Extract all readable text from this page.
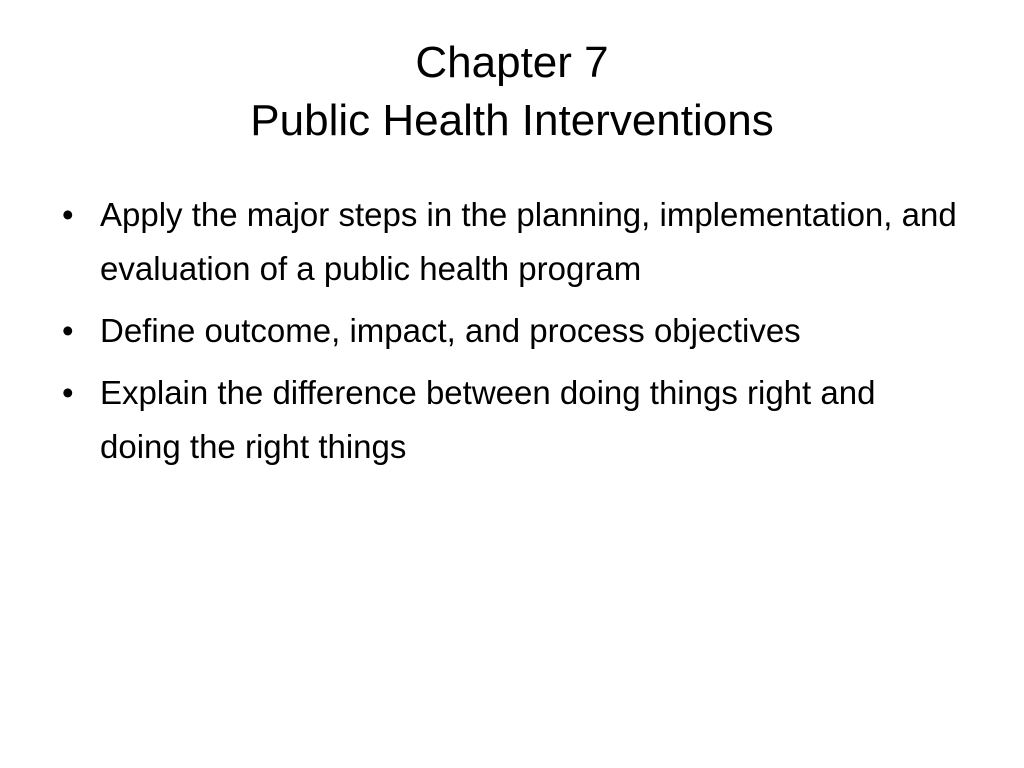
Chapter 7
Public Health Interventions
• Apply the major steps in the planning, implementation, and evaluation of a public health program
• Define outcome, impact, and process objectives
• Explain the difference between doing things right and doing the right things
